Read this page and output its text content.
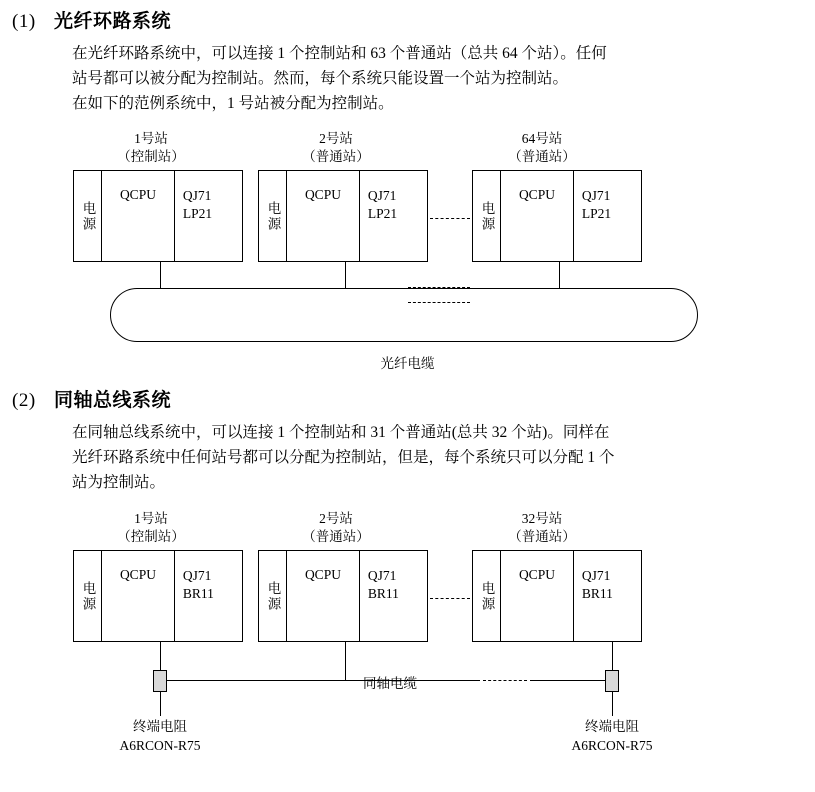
(1) 光纤环路系统

在光纤环路系统中，可以连接 1 个控制站和 63 个普通站（总共 64 个站）。任何

站号都可以被分配为控制站。然而，每个系统只能设置一个站为控制站。

在如下的范例系统中，1 号站被分配为控制站。

1号站
（控制站）
2号站
（普通站）
64号站
（普通站）
电源
QCPU	QJ71
LP21	电源
QCPU	QJ71
LP21	电源
QCPU	QJ71
LP21
光纤电缆
(2) 同轴总线系统

在同轴总线系统中，可以连接 1 个控制站和 31 个普通站(总共 32 个站)。同样在

光纤环路系统中任何站号都可以分配为控制站，但是，每个系统只可以分配 1 个

站为控制站。

1号站
（控制站）
2号站
（普通站）
32号站
（普通站）
电源
QCPU	QJ71
BR11	电源
QCPU	QJ71
BR11	电源
QCPU	QJ71
BR11
终端电阻
A6RCON-R75
终端电阻
A6RCON-R75
同轴电缆
